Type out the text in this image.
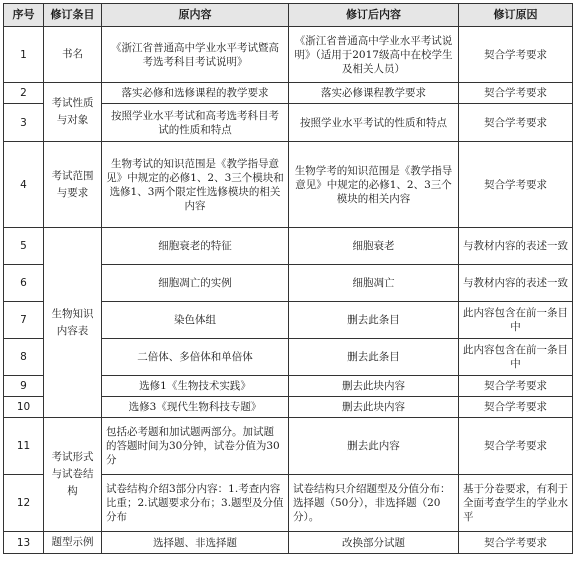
序号	修订条目	原内容	修订后内容	修订原因
1	书名	《浙江省普通高中学业水平考试暨高考选考科目考试说明》	《浙江省普通高中学业水平考试说明》（适用于2017级高中在校学生及相关人员）	契合学考要求
2	考试性质与对象	落实必修和选修课程的教学要求	落实必修课程教学要求	契合学考要求
3		按照学业水平考试和高考选考科目考试的性质和特点	按照学业水平考试的性质和特点	契合学考要求
4	考试范围与要求	生物考试的知识范围是《教学指导意见》中规定的必修1、2、3三个模块和选修1、3两个限定性选修模块的相关内容	生物学考的知识范围是《教学指导意见》中规定的必修1、2、3三个模块的相关内容	契合学考要求
5	生物知识内容表	细胞衰老的特征	细胞衰老	与教材内容的表述一致
6		细胞凋亡的实例	细胞凋亡	与教材内容的表述一致
7		染色体组	删去此条目	此内容包含在前一条目中
8		二倍体、多倍体和单倍体	删去此条目	此内容包含在前一条目中
9		选修1《生物技术实践》	删去此块内容	契合学考要求
10		选修3《现代生物科技专题》	删去此块内容	契合学考要求
11	考试形式与试卷结构	包括必考题和加试题两部分。加试题的答题时间为30分钟，试卷分值为30分	删去此内容	契合学考要求
12		试卷结构介绍3部分内容：1.考查内容比重；2.试题要求分布；3.题型及分值分布	试卷结构只介绍题型及分值分布：选择题（50分），非选择题（20分）。	基于分卷要求，有利于全面考查学生的学业水平
13	题型示例	选择题、非选择题	改换部分试题	契合学考要求
